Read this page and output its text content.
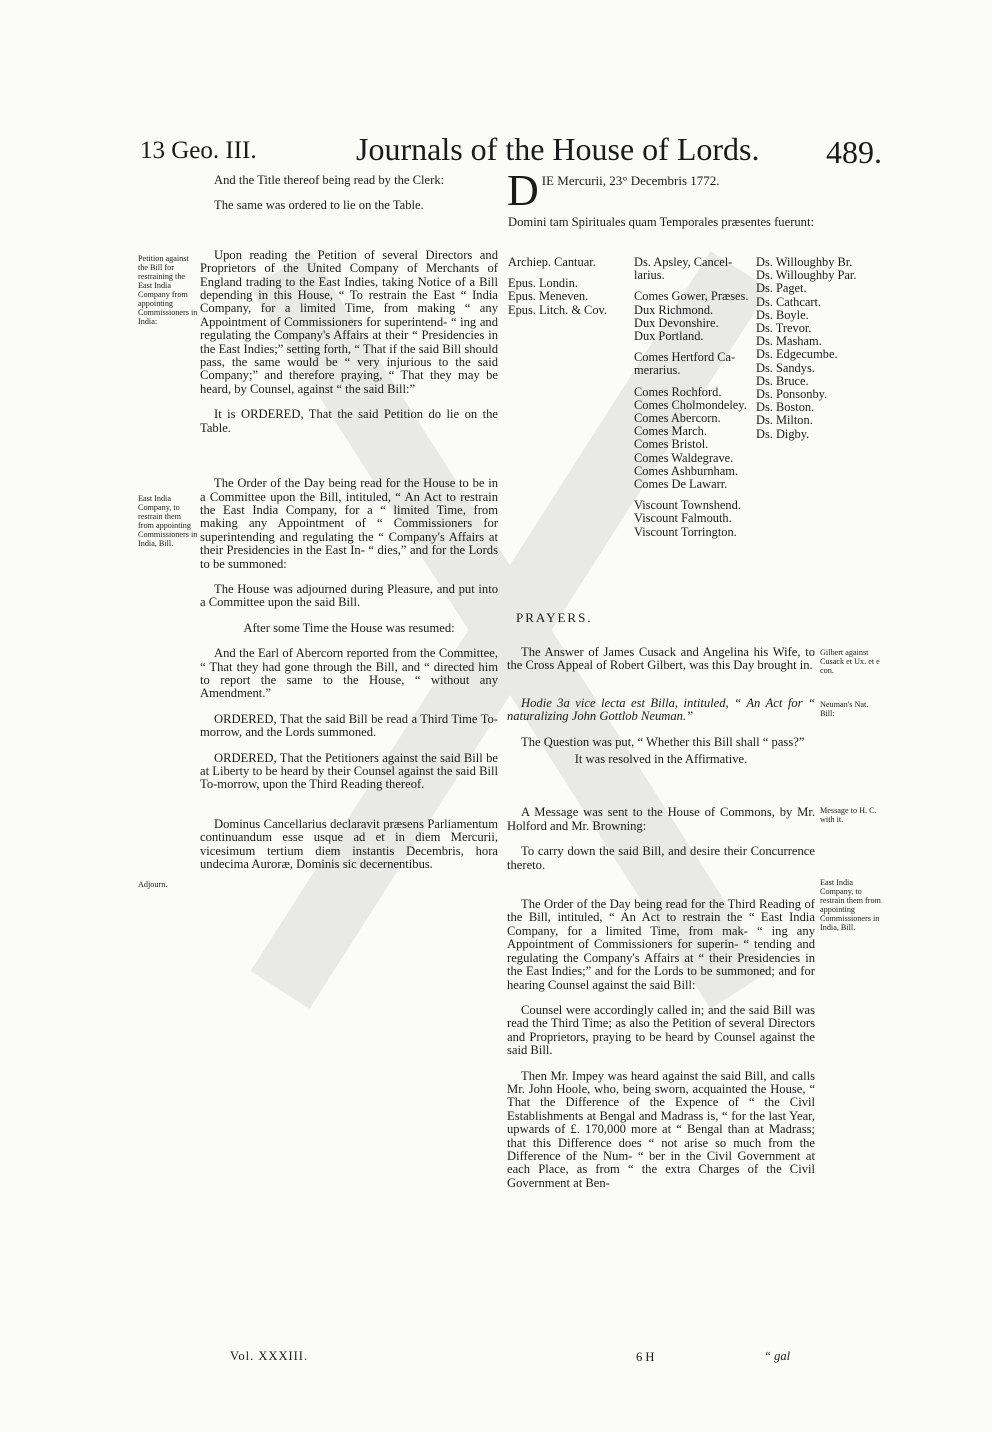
13 Geo. III.	Journals of the House of Lords. 489.
Petition against the Bill for restraining the East India Company from appointing Commissioners in India:
East India Company, to restrain them from appointing Commissioners in India, Bill.
Adjourn.

And the Title thereof being read by the Clerk:

The same was ordered to lie on the Table.

Upon reading the Petition of several Directors and Proprietors of the United Company of Merchants of England trading to the East Indies, taking Notice of a Bill depending in this House, “ To restrain the East “ India Company, for a limited Time, from making “ any Appointment of Commissioners for superintend- “ ing and regulating the Company's Affairs at their “ Presidencies in the East Indies;” setting forth, “ That if the said Bill should pass, the same would be “ very injurious to the said Company;” and therefore praying, “ That they may be heard, by Counsel, against “ the said Bill:”

It is ORDERED, That the said Petition do lie on the Table.

The Order of the Day being read for the House to be in a Committee upon the Bill, intituled, “ An Act to restrain the East India Company, for a “ limited Time, from making any Appointment of “ Commissioners for superintending and regulating the “ Company's Affairs at their Presidencies in the East In- “ dies,” and for the Lords to be summoned:

The House was adjourned during Pleasure, and put into a Committee upon the said Bill.

After some Time the House was resumed:

And the Earl of Abercorn reported from the Committee, “ That they had gone through the Bill, and “ directed him to report the same to the House, “ without any Amendment.”

ORDERED, That the said Bill be read a Third Time To-morrow, and the Lords summoned.

ORDERED, That the Petitioners against the said Bill be at Liberty to be heard by their Counsel against the said Bill To-morrow, upon the Third Reading thereof.

Dominus Cancellarius declaravit præsens Parliamentum continuandum esse usque ad et in diem Mercurii, vicesimum tertium diem instantis Decembris, hora undecima Auroræ, Dominis sic decernentibus.

D IE Mercurii, 23° Decembris 1772.
Domini tam Spirituales quam Temporales præsentes fuerunt:
Archiep. Cantuar.
Epus. Londin.
Epus. Meneven.
Epus. Litch. & Cov.
Ds. Apsley, Cancel-
larius.
Comes Gower, Præses.
Dux Richmond.
Dux Devonshire.
Dux Portland.
Comes Hertford Ca-
merarius.
Comes Rochford.
Comes Cholmondeley.
Comes Abercorn.
Comes March.
Comes Bristol.
Comes Waldegrave.
Comes Ashburnham.
Comes De Lawarr.
Viscount Townshend.
Viscount Falmouth.
Viscount Torrington.
Ds. Willoughby Br.
Ds. Willoughby Par.
Ds. Paget.
Ds. Cathcart.
Ds. Boyle.
Ds. Trevor.
Ds. Masham.
Ds. Edgecumbe.
Ds. Sandys.
Ds. Bruce.
Ds. Ponsonby.
Ds. Boston.
Ds. Milton.
Ds. Digby.
PRAYERS.
Gilbert against Cusack et Ux. et e con.
Neuman's Nat. Bill:
Message to H. C. with it.
East India Company, to restrain them from appointing Commissioners in India, Bill.

The Answer of James Cusack and Angelina his Wife, to the Cross Appeal of Robert Gilbert, was this Day brought in.

Hodie 3a vice lecta est Billa, intituled, “ An Act for “ naturalizing John Gottlob Neuman.”

The Question was put, “ Whether this Bill shall “ pass?”

It was resolved in the Affirmative.

A Message was sent to the House of Commons, by Mr. Holford and Mr. Browning:

To carry down the said Bill, and desire their Concurrence thereto.

The Order of the Day being read for the Third Reading of the Bill, intituled, “ An Act to restrain the “ East India Company, for a limited Time, from mak- “ ing any Appointment of Commissioners for superin- “ tending and regulating the Company's Affairs at “ their Presidencies in the East Indies;” and for the Lords to be summoned; and for hearing Counsel against the said Bill:

Counsel were accordingly called in; and the said Bill was read the Third Time; as also the Petition of several Directors and Proprietors, praying to be heard by Counsel against the said Bill.

Then Mr. Impey was heard against the said Bill, and calls Mr. John Hoole, who, being sworn, acquainted the House, “ That the Difference of the Expence of “ the Civil Establishments at Bengal and Madrass is, “ for the last Year, upwards of £. 170,000 more at “ Bengal than at Madrass; that this Difference does “ not arise so much from the Difference of the Num- “ ber in the Civil Government at each Place, as from “ the extra Charges of the Civil Government at Ben-

Vol. XXXIII.	6 H	“ gal
